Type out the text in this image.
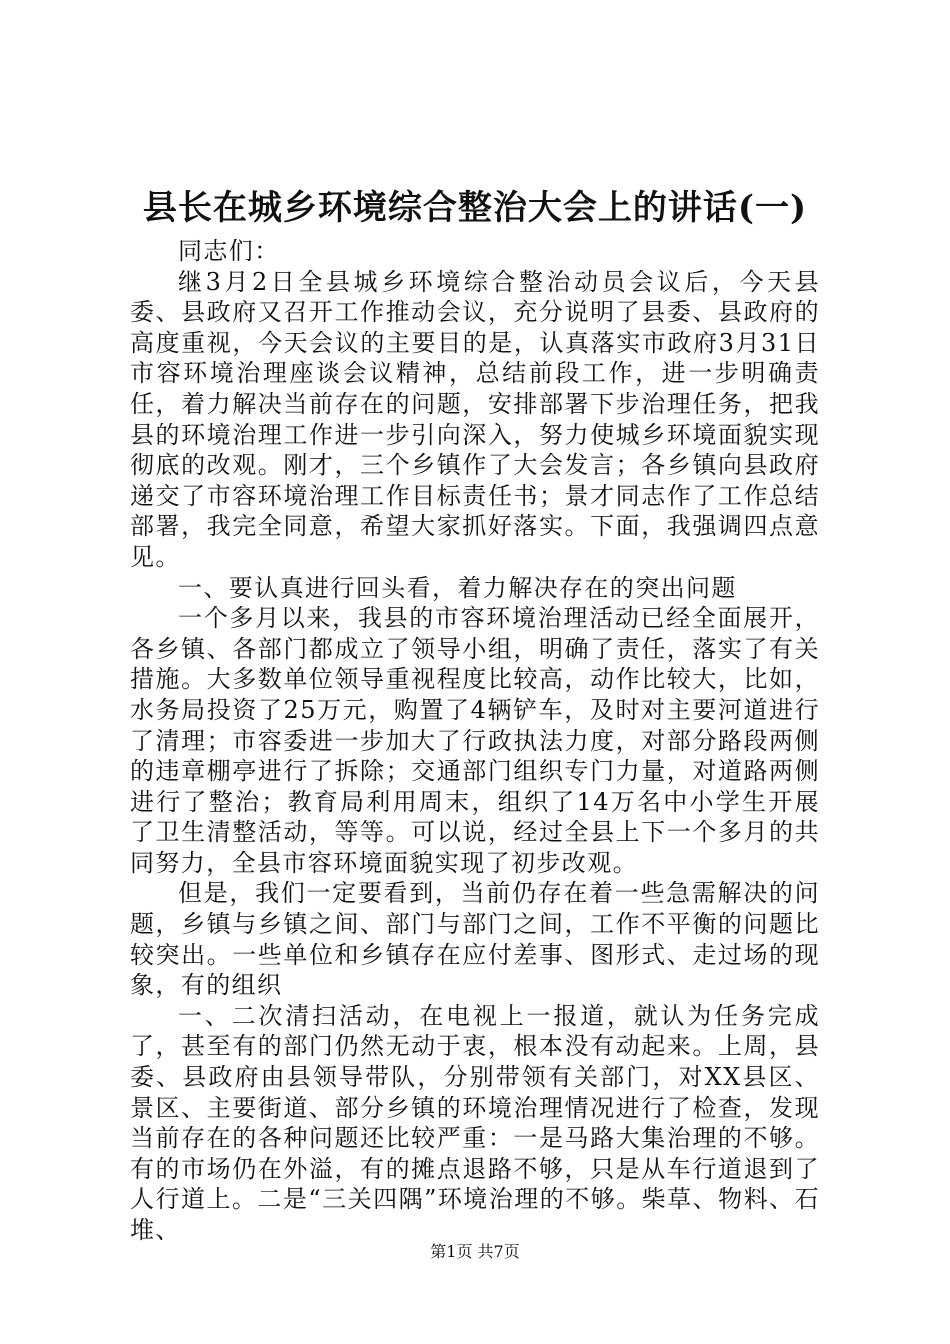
县长在城乡环境综合整治大会上的讲话(一)

同志们：

继3月2日全县城乡环境综合整治动员会议后，今天县委、县政府又召开工作推动会议，充分说明了县委、县政府的高度重视，今天会议的主要目的是，认真落实市政府3月31日市容环境治理座谈会议精神，总结前段工作，进一步明确责任，着力解决当前存在的问题，安排部署下步治理任务，把我县的环境治理工作进一步引向深入，努力使城乡环境面貌实现彻底的改观。刚才，三个乡镇作了大会发言；各乡镇向县政府递交了市容环境治理工作目标责任书；景才同志作了工作总结部署，我完全同意，希望大家抓好落实。下面，我强调四点意见。

一、要认真进行回头看，着力解决存在的突出问题

一个多月以来，我县的市容环境治理活动已经全面展开，各乡镇、各部门都成立了领导小组，明确了责任，落实了有关措施。大多数单位领导重视程度比较高，动作比较大，比如，水务局投资了25万元，购置了4辆铲车，及时对主要河道进行了清理；市容委进一步加大了行政执法力度，对部分路段两侧的违章棚亭进行了拆除；交通部门组织专门力量，对道路两侧进行了整治；教育局利用周末，组织了14万名中小学生开展了卫生清整活动，等等。可以说，经过全县上下一个多月的共同努力，全县市容环境面貌实现了初步改观。

但是，我们一定要看到，当前仍存在着一些急需解决的问题，乡镇与乡镇之间、部门与部门之间，工作不平衡的问题比较突出。一些单位和乡镇存在应付差事、图形式、走过场的现象，有的组织

一、二次清扫活动，在电视上一报道，就认为任务完成了，甚至有的部门仍然无动于衷，根本没有动起来。上周，县委、县政府由县领导带队，分别带领有关部门，对XX县区、景区、主要街道、部分乡镇的环境治理情况进行了检查，发现当前存在的各种问题还比较严重：一是马路大集治理的不够。有的市场仍在外溢，有的摊点退路不够，只是从车行道退到了人行道上。二是“三关四隅”环境治理的不够。柴草、物料、石堆、

第1页 共7页
